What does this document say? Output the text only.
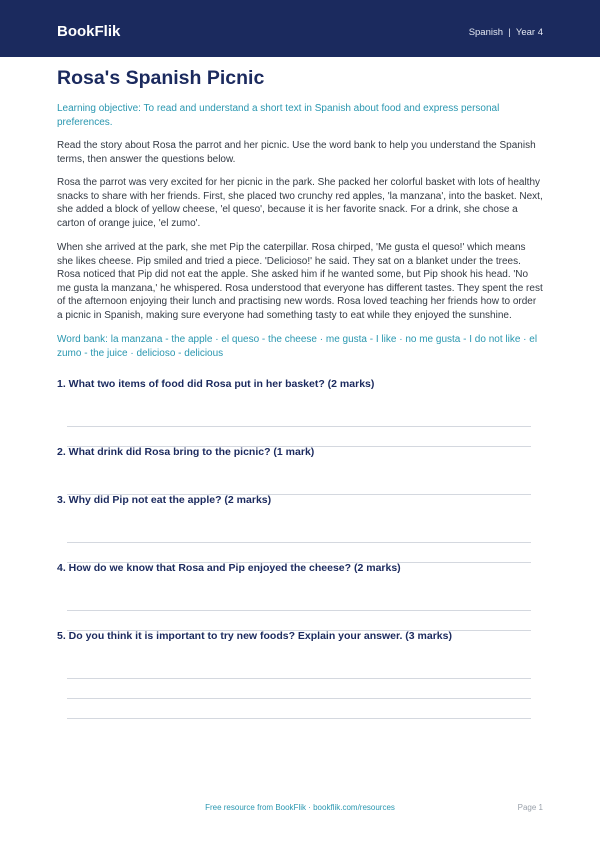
BookFlik	Spanish  |  Year 4
Rosa's Spanish Picnic

Learning objective: To read and understand a short text in Spanish about food and express personal preferences.

Read the story about Rosa the parrot and her picnic. Use the word bank to help you understand the Spanish terms, then answer the questions below.

Rosa the parrot was very excited for her picnic in the park. She packed her colorful basket with lots of healthy snacks to share with her friends. First, she placed two crunchy red apples, 'la manzana', into the basket. Next, she added a block of yellow cheese, 'el queso', because it is her favorite snack. For a drink, she chose a carton of orange juice, 'el zumo'.

When she arrived at the park, she met Pip the caterpillar. Rosa chirped, 'Me gusta el queso!' which means she likes cheese. Pip smiled and tried a piece. 'Delicioso!' he said. They sat on a blanket under the trees. Rosa noticed that Pip did not eat the apple. She asked him if he wanted some, but Pip shook his head. 'No me gusta la manzana,' he whispered. Rosa understood that everyone has different tastes. They spent the rest of the afternoon enjoying their lunch and practising new words. Rosa loved teaching her friends how to order a picnic in Spanish, making sure everyone had something tasty to eat while they enjoyed the sunshine.

Word bank: la manzana - the apple · el queso - the cheese · me gusta - I like · no me gusta - I do not like · el zumo - the juice · delicioso - delicious

1. What two items of food did Rosa put in her basket? (2 marks)
2. What drink did Rosa bring to the picnic? (1 mark)
3. Why did Pip not eat the apple? (2 marks)
4. How do we know that Rosa and Pip enjoyed the cheese? (2 marks)
5. Do you think it is important to try new foods? Explain your answer. (3 marks)
Free resource from BookFlik · bookflik.com/resources	Page 1
